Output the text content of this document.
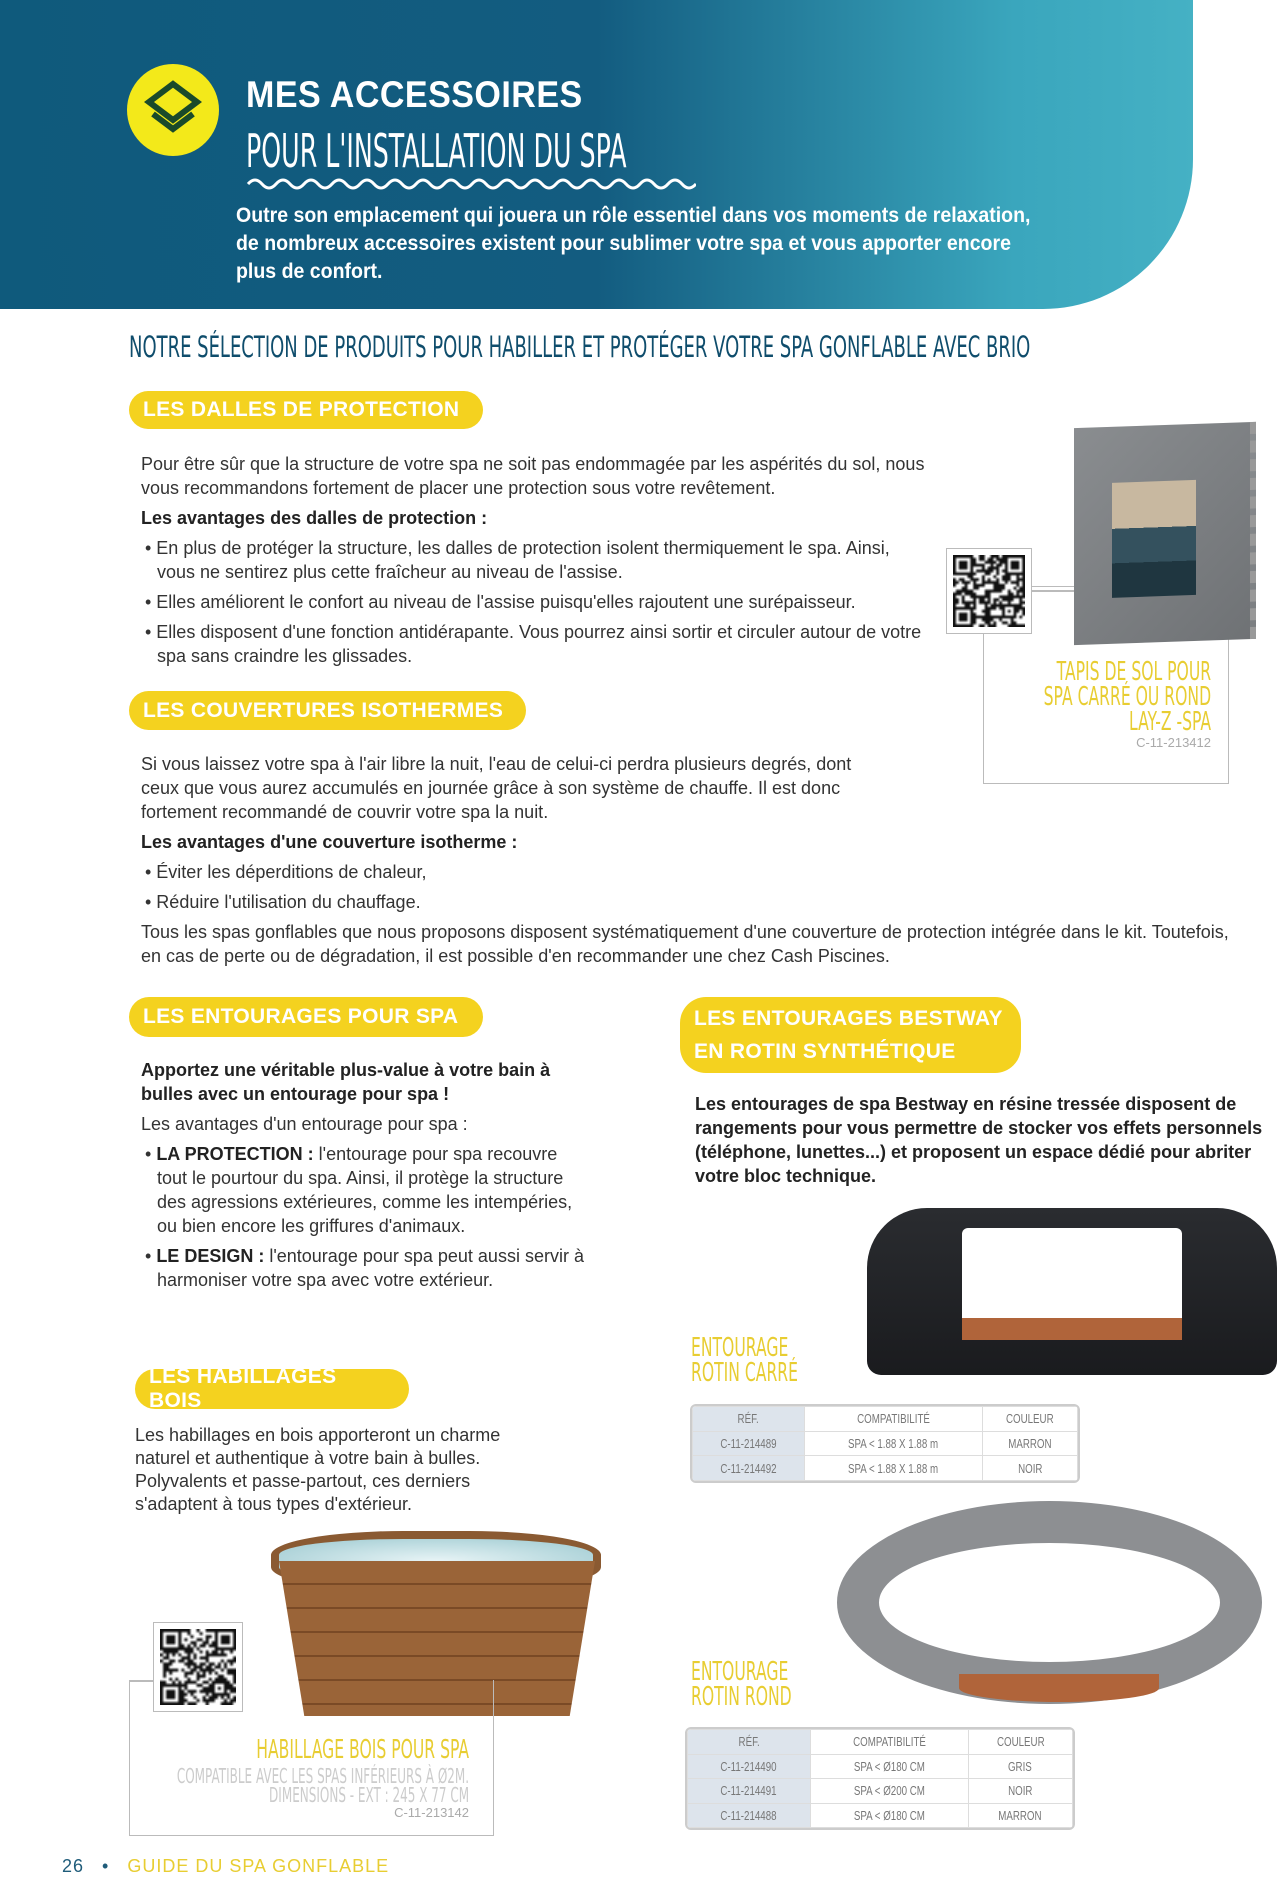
MES ACCESSOIRES
POUR L'INSTALLATION DU SPA
Outre son emplacement qui jouera un rôle essentiel dans vos moments de relaxation, de nombreux accessoires existent pour sublimer votre spa et vous apporter encore plus de confort.
NOTRE SÉLECTION DE PRODUITS POUR HABILLER ET PROTÉGER VOTRE SPA GONFLABLE AVEC BRIO
LES DALLES DE PROTECTION

Pour être sûr que la structure de votre spa ne soit pas endommagée par les aspérités du sol, nous vous recommandons fortement de placer une protection sous votre revêtement.

Les avantages des dalles de protection :

• En plus de protéger la structure, les dalles de protection isolent thermiquement le spa. Ainsi, vous ne sentirez plus cette fraîcheur au niveau de l'assise.

• Elles améliorent le confort au niveau de l'assise puisqu'elles rajoutent une surépaisseur.

• Elles disposent d'une fonction antidérapante. Vous pourrez ainsi sortir et circuler autour de votre spa sans craindre les glissades.

TAPIS DE SOL POUR
SPA CARRÉ OU ROND
LAY-Z -SPA
C-11-213412
LES COUVERTURES ISOTHERMES

Si vous laissez votre spa à l'air libre la nuit, l'eau de celui-ci perdra plusieurs degrés, dont ceux que vous aurez accumulés en journée grâce à son système de chauffe. Il est donc fortement recommandé de couvrir votre spa la nuit.

Les avantages d'une couverture isotherme :

• Éviter les déperditions de chaleur,

• Réduire l'utilisation du chauffage.

Tous les spas gonflables que nous proposons disposent systématiquement d'une couverture de protection intégrée dans le kit. Toutefois, en cas de perte ou de dégradation, il est possible d'en recommander une chez Cash Piscines.

LES ENTOURAGES POUR SPA

Apportez une véritable plus-value à votre bain à bulles avec un entourage pour spa !

Les avantages d'un entourage pour spa :

• LA PROTECTION : l'entourage pour spa recouvre tout le pourtour du spa. Ainsi, il protège la structure des agressions extérieures, comme les intempéries, ou bien encore les griffures d'animaux.

• LE DESIGN : l'entourage pour spa peut aussi servir à harmoniser votre spa avec votre extérieur.

LES ENTOURAGES BESTWAY
EN ROTIN SYNTHÉTIQUE
Les entourages de spa Bestway en résine tressée disposent de rangements pour vous permettre de stocker vos effets personnels (téléphone, lunettes...) et proposent un espace dédié pour abriter votre bloc technique.
ENTOURAGE
ROTIN CARRÉ
RÉF.	COMPATIBILITÉ	COULEUR
C-11-214489	SPA < 1.88 X 1.88 m	MARRON
C-11-214492	SPA < 1.88 X 1.88 m	NOIR
ENTOURAGE
ROTIN ROND
RÉF.	COMPATIBILITÉ	COULEUR
C-11-214490	SPA < Ø180 CM	GRIS
C-11-214491	SPA < Ø200 CM	NOIR
C-11-214488	SPA < Ø180 CM	MARRON
LES HABILLAGES BOIS
Les habillages en bois apporteront un charme naturel et authentique à votre bain à bulles. Polyvalents et passe-partout, ces derniers s'adaptent à tous types d'extérieur.
HABILLAGE BOIS POUR SPA
COMPATIBLE AVEC LES SPAS INFÉRIEURS À Ø2M.
DIMENSIONS - EXT : 245 X 77 CM
C-11-213142
26 • GUIDE DU SPA GONFLABLE
